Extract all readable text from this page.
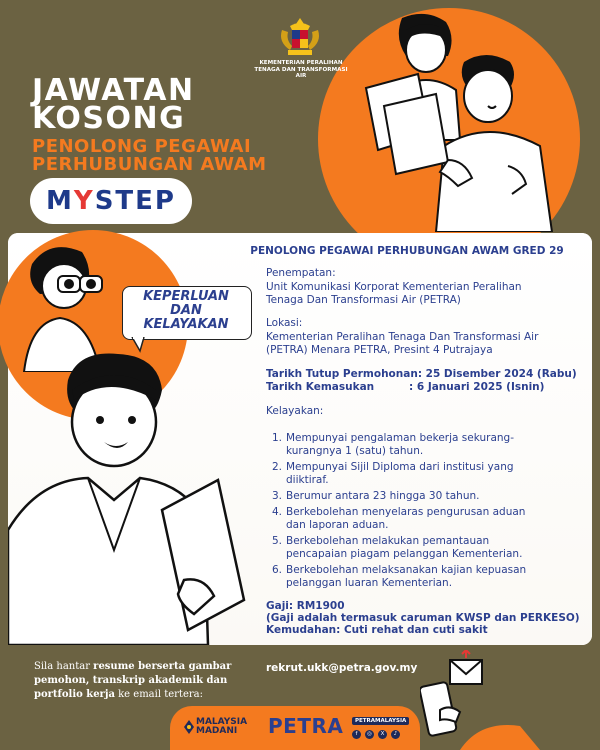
KEMENTERIAN PERALIHAN TENAGA DAN TRANSFORMASI AIR
JAWATAN
KOSONG
PENOLONG PEGAWAI
PERHUBUNGAN AWAM
MYSTEP
KEPERLUAN
DAN
KELAYAKAN
PENOLONG PEGAWAI PERHUBUNGAN AWAM GRED 29
Penempatan:
Unit Komunikasi Korporat Kementerian Peralihan
Tenaga Dan Transformasi Air (PETRA)
Lokasi:
Kementerian Peralihan Tenaga Dan Transformasi Air
(PETRA) Menara PETRA, Presint 4 Putrajaya
Tarikh Tutup Permohonan: 25 Disember 2024 (Rabu)
Tarikh Kemasukan	: 6 Januari 2025 (Isnin)
Kelayakan:
1. Mempunyai pengalaman bekerja sekurang-
kurangnya 1 (satu) tahun.
2. Mempunyai Sijil Diploma dari institusi yang
diiktiraf.
3. Berumur antara 23 hingga 30 tahun.
4. Berkebolehan menyelaras pengurusan aduan
dan laporan aduan.
5. Berkebolehan melakukan pemantauan
pencapaian piagam pelanggan Kementerian.
6. Berkebolehan melaksanakan kajian kepuasan
pelanggan luaran Kementerian.
Gaji: RM1900
(Gaji adalah termasuk caruman KWSP dan PERKESO)
Kemudahan: Cuti rehat dan cuti sakit
Sila hantar resume berserta gambar pemohon, transkrip akademik dan portfolio kerja ke email tertera:
rekrut.ukk@petra.gov.my
MALAYSIA
MADANI	PETRA	PETRAMALAYSIA
f	◎	X	♪
